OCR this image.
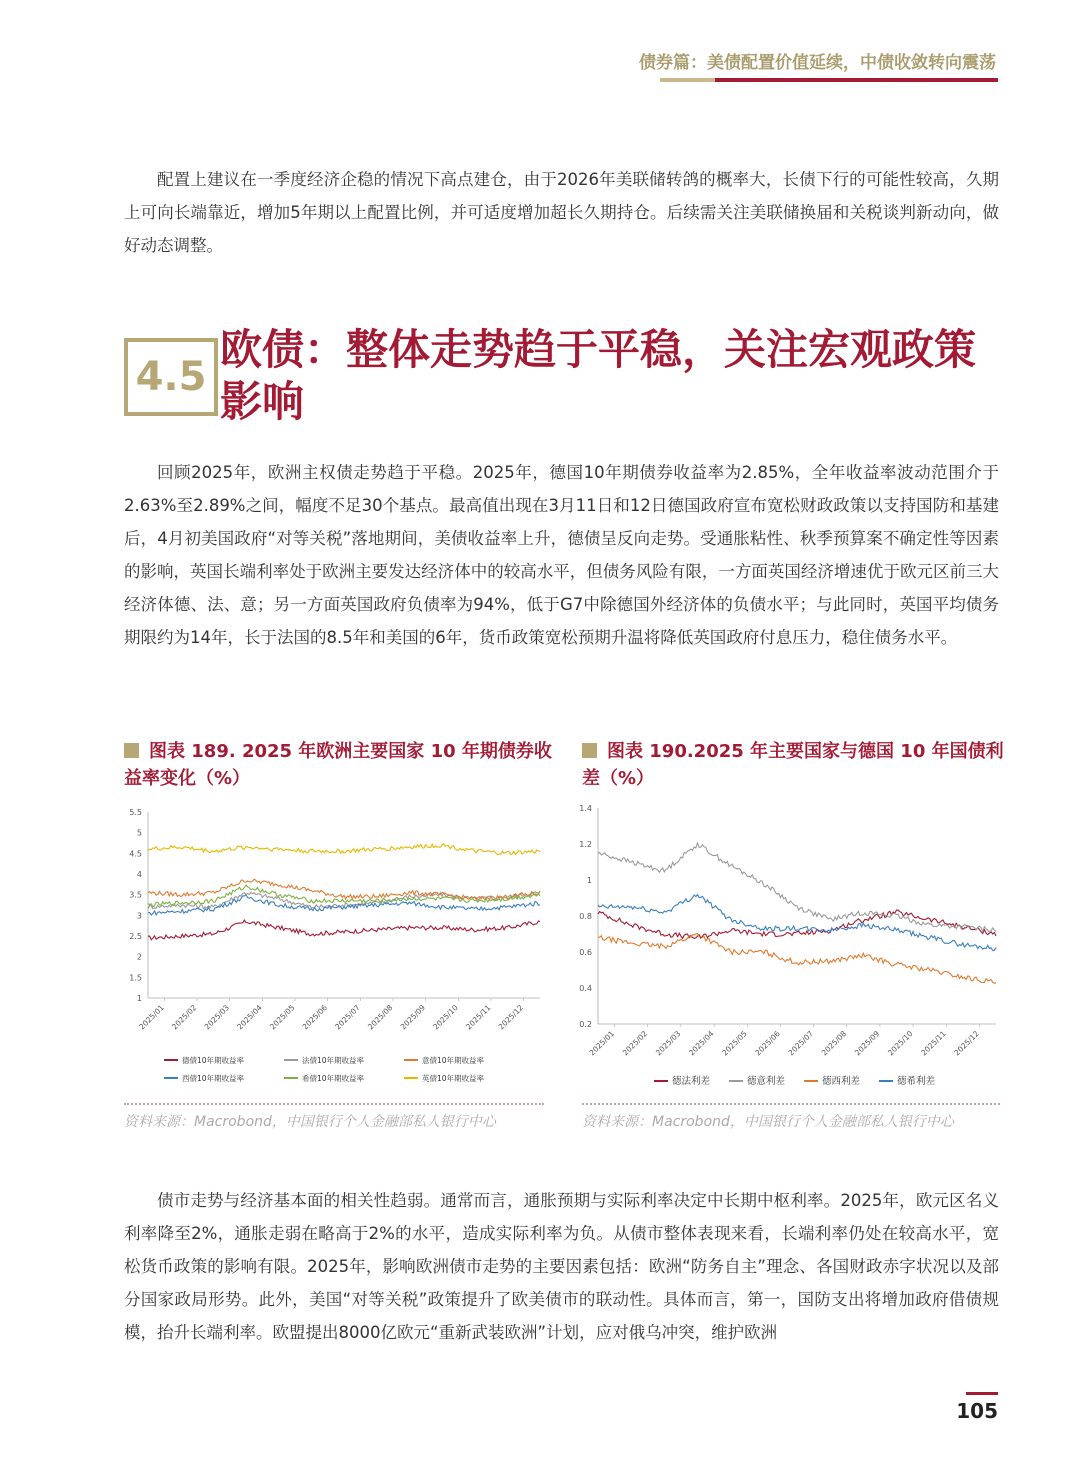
债券篇：美债配置价值延续，中债收敛转向震荡

配置上建议在一季度经济企稳的情况下高点建仓，由于2026年美联储转鸽的概率大，长债下行的可能性较高，久期上可向长端靠近，增加5年期以上配置比例，并可适度增加超长久期持仓。后续需关注美联储换届和关税谈判新动向，做好动态调整。

4.5
欧债：整体走势趋于平稳，关注宏观政策影响

回顾2025年，欧洲主权债走势趋于平稳。2025年，德国10年期债券收益率为2.85%，全年收益率波动范围介于2.63%至2.89%之间，幅度不足30个基点。最高值出现在3月11日和12日德国政府宣布宽松财政政策以支持国防和基建后，4月初美国政府“对等关税”落地期间，美债收益率上升，德债呈反向走势。受通胀粘性、秋季预算案不确定性等因素的影响，英国长端利率处于欧洲主要发达经济体中的较高水平，但债务风险有限，一方面英国经济增速优于欧元区前三大经济体德、法、意；另一方面英国政府负债率为94%，低于G7中除德国外经济体的负债水平；与此同时，英国平均债务期限约为14年，长于法国的8.5年和美国的6年，货币政策宽松预期升温将降低英国政府付息压力，稳住债务水平。

图表 189. 2025 年欧洲主要国家 10 年期债券收益率变化（%）
图表 190.2025 年主要国家与德国 10 年国债利差（%）
1
1.5
2
2.5
3
3.5
4
4.5
5
5.5
2025/01 2025/02 2025/03 2025/04 2025/05 2025/06 2025/07 2025/08 2025/09 2025/10 2025/11 2025/12
德债10年期收益率	法债10年期收益率	意债10年期收益率
西债10年期收益率	希债10年期收益率	英债10年期收益率
0.2
0.4
0.6
0.8
1
1.2
1.4
2025/01 2025/02 2025/03 2025/04 2025/05 2025/06 2025/07 2025/08 2025/09 2025/10 2025/11 2025/12
德法利差	德意利差	德西利差	德希利差
资料来源：Macrobond，中国银行个人金融部私人银行中心	资料来源：Macrobond，中国银行个人金融部私人银行中心

债市走势与经济基本面的相关性趋弱。通常而言，通胀预期与实际利率决定中长期中枢利率。2025年，欧元区名义利率降至2%，通胀走弱在略高于2%的水平，造成实际利率为负。从债市整体表现来看，长端利率仍处在较高水平，宽松货币政策的影响有限。2025年，影响欧洲债市走势的主要因素包括：欧洲“防务自主”理念、各国财政赤字状况以及部分国家政局形势。此外，美国“对等关税”政策提升了欧美债市的联动性。具体而言，第一，国防支出将增加政府借债规模，抬升长端利率。欧盟提出8000亿欧元“重新武装欧洲”计划，应对俄乌冲突，维护欧洲

105
